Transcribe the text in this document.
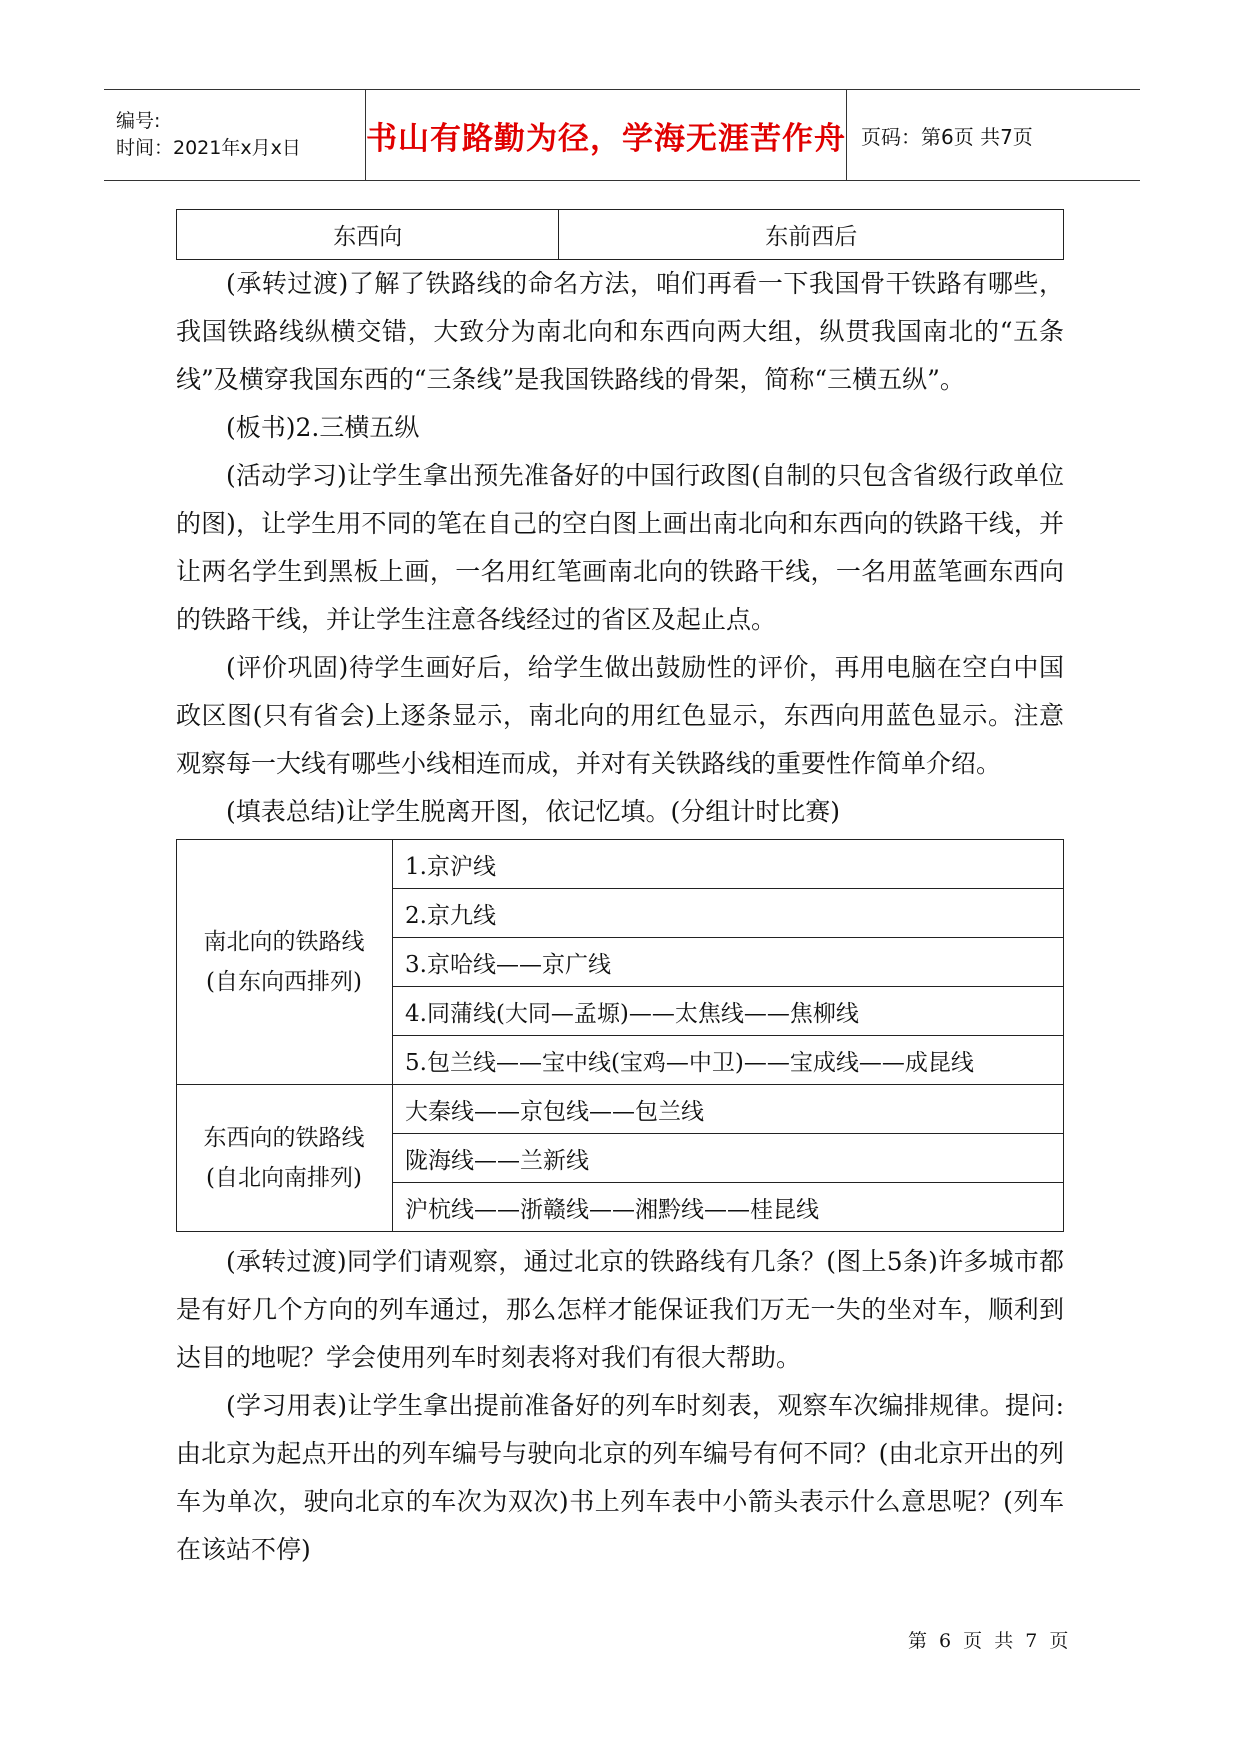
编号:
时间：2021年x月x日	书山有路勤为径，学海无涯苦作舟 页码：第6页 共7页
东西向	东前西后

(承转过渡)了解了铁路线的命名方法，咱们再看一下我国骨干铁路有哪些，我国铁路线纵横交错，大致分为南北向和东西向两大组，纵贯我国南北的“五条线”及横穿我国东西的“三条线”是我国铁路线的骨架，简称“三横五纵”。

(板书)2.三横五纵

(活动学习)让学生拿出预先准备好的中国行政图(自制的只包含省级行政单位的图)，让学生用不同的笔在自己的空白图上画出南北向和东西向的铁路干线，并让两名学生到黑板上画，一名用红笔画南北向的铁路干线，一名用蓝笔画东西向的铁路干线，并让学生注意各线经过的省区及起止点。

(评价巩固)待学生画好后，给学生做出鼓励性的评价，再用电脑在空白中国政区图(只有省会)上逐条显示，南北向的用红色显示，东西向用蓝色显示。注意观察每一大线有哪些小线相连而成，并对有关铁路线的重要性作简单介绍。

(填表总结)让学生脱离开图，依记忆填。(分组计时比赛)

南北向的铁路线
(自东向西排列)	1.京沪线
	2.京九线
	3.京哈线——京广线
	4.同蒲线(大同—孟塬)——太焦线——焦柳线
	5.包兰线——宝中线(宝鸡—中卫)——宝成线——成昆线

东西向的铁路线
(自北向南排列)	大秦线——京包线——包兰线
	陇海线——兰新线
	沪杭线——浙赣线——湘黔线——桂昆线

(承转过渡)同学们请观察，通过北京的铁路线有几条？(图上5条)许多城市都是有好几个方向的列车通过，那么怎样才能保证我们万无一失的坐对车，顺利到达目的地呢？学会使用列车时刻表将对我们有很大帮助。

(学习用表)让学生拿出提前准备好的列车时刻表，观察车次编排规律。提问:由北京为起点开出的列车编号与驶向北京的列车编号有何不同？(由北京开出的列车为单次，驶向北京的车次为双次)书上列车表中小箭头表示什么意思呢？(列车在该站不停)

第 6 页 共 7 页
